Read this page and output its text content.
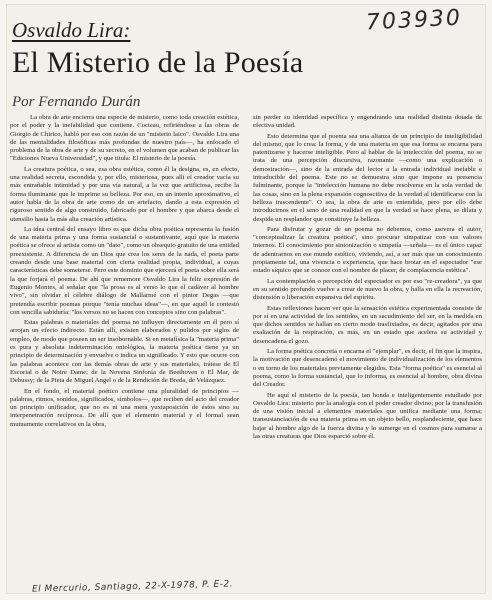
703930
Osvaldo Lira:
El Misterio de la Poesía
Por Fernando Durán

La obra de arte encierra una especie de misterio, como toda creación estética, por el poder y la inefabilidad que contiene. Cocteau, refiriéndose a las obras de Giorgio de Chirico, habló por eso con razón de un "misterio laico". Osvaldo Lira una de las mentalidades filosóficas más profundas de nuestro país—, ha enfocado el problema de la obra de arte y de su secreto, en el volumen que acaban de publicar las "Ediciones Nueva Universidad", y que titula: El misterio de la poesía.

La creatura poética, o sea, esa obra estética, como él la designa, es, en efecto, una realidad secreta, escondida y, por ello, misteriosa, pues allí el creador vacía su más entrañable intimidad y por una vía natural, a la vez que artificiosa, recibe la forma iluminante que le imprime su belleza. Por eso, en un intento aproximativo, el autor habla de la obra de arte como de un artefacto, dando a esta expresión el riguroso sentido de algo construido, fabricado por el hombre y que abarca desde el utensilio hasta la más alta creación artística.

La idea central del ensayo libro es que dicha obra poética representa la fusión de una materia prima y una forma sustancial o sustantivante, aquí que la materia poética se ofrece al artista como un "dato", como un obsequio gratuito de una entidad preexistente. A diferencia de un Dios que crea los seres de la nada, el poeta parte creando desde una base material con cierta realidad propia, individual, a cuyas características debe someterse. Pero este dominio que ejercerá el poeta sobre ella será la que forjará el poema. De ahí que rememore Osvaldo Lira la feliz expresión de Eugenio Montes, al señalar que "la prosa es al verso lo que el cadáver al hombre vivo", sin olvidar el célebre diálogo de Mallarmé con el pintor Degas —que pretendía escribir poemas porque "tenía muchas ideas"—, en que aquél le contestó con sencilla sabiduría: "los versos no se hacen con conceptos sino con palabras".

Estas palabras o materiales del poema no influyen directamente en él pero sí arrojan un efecto indirecto. Están allí, existen elaborados y pulidos por siglos de empleo, de modo que poseen un ser insobornable. Si en metafísica la "materia prima" es pura y absoluta indeterminación ontológica, la materia poética tiene ya un principio de determinación y envuelve o indica un significado. Y esto que ocurre con las palabras acontece con las demás obras de arte y sus materiales, trátese de El Escorial o de Notre Dame; de la Novena Sinfonía de Beethoven o El Mar, de Debussy; de la Pieta de Miguel Angel o de la Rendición de Breda, de Velázquez.

En el fondo, el material poético contiene una pluralidad de principios —palabras, ritmos, sonidos, significados, símbolos—, que reciben del acto del creador un principio unificador, que no es ni una mera yuxtaposición de éstos sino su interpenetración recíproca. De allí que el elemento material y el formal sean mutuamente correlativos en la obra,

sin perder su identidad específica y engendrando una realidad distinta dotada de efectiva unidad.

Esto determina que el poema sea una alianza de un principio de inteligibilidad del mismo, que lo crea: la forma, y de una materia en que esa forma se encarna para patentizarse y hacerse inteligible. Pero al hablar de la intelección del poema, no se trata de una percepción discursiva, razonante —como una explicación o demostración—, sino de la entrada del lector a la entrada individual inefable e intraducible del poema. Este no se demuestra sino que impone su presencia fulminante, porque la "intelección humana no debe resolverse en la sola verdad de las cosas, sino en la plena expansión cognoscitiva de la verdad al identificarse con la belleza trascendente". O sea, la obra de arte es entendida, pero por ello debe introducirnos en el seno de una realidad en que la verdad se hace plena, se dilata y despide un resplandor que constituye la belleza.

Para disfrutar y gozar de un poema no debemos, como asevera el autor, "conceptualizar la creatura poética", sino procurar simpatizar con sus valores internos. El conocimiento por sintonización o simpatía —señala— es el único capaz de adentrarnos en ese mundo estético, viviendo, así, a ser más que un conocimiento propiamente tal, una vivencia o experiencia, que hace brotar en el espectador "ese estado síquico que se conoce con el nombre de placer, de complacencia estética".

La contemplación o percepción del espectador es por eso "re-creadora", ya que en su sentido profundo vuelve a crear de nuevo la obra, y halla en ella la recreación, distensión o liberación expansiva del espíritu.

Estas reflexiones hacen ver que la sensación estética experimentada consiste de por sí en una actividad de los sentidos, en un sacudimiento del ser, en la medida en que dichos sentidos se hallan en cierto modo trasfixiados, es decir, agitados por una exaltación de la respiración, es más, en un estado que acelera su actividad y desencadena el gozo.

La forma poética concreta o encarna el "ejemplar", es decir, el fin que la inspira, la motivación que desencadenó el movimiento de individualización de los elementos o en torno de los materiales previamente elegidos. Esta "forma poética" es esencial al poema, como la forma sustancial, que lo informa, es esencial al hombre, obra divina del Creador.

He aquí el misterio de la poesía, tan honda e inteligentemente estudiado por Osvaldo Lira: misterio por la analogía con el poder creador divino; por la transfusión de una visión inicial a elementos materiales que unifica mediante una forma; transustanciación de esa materia prima en un objeto bello, resplandeciente, que hace bajar al hombre algo de la fuerza divina y lo sumerge en el cosmos para sumarse a las otras creaturas que Dios esparció sobre él.

El Mercurio, Santiago, 22-X-1978, P. E-2.
